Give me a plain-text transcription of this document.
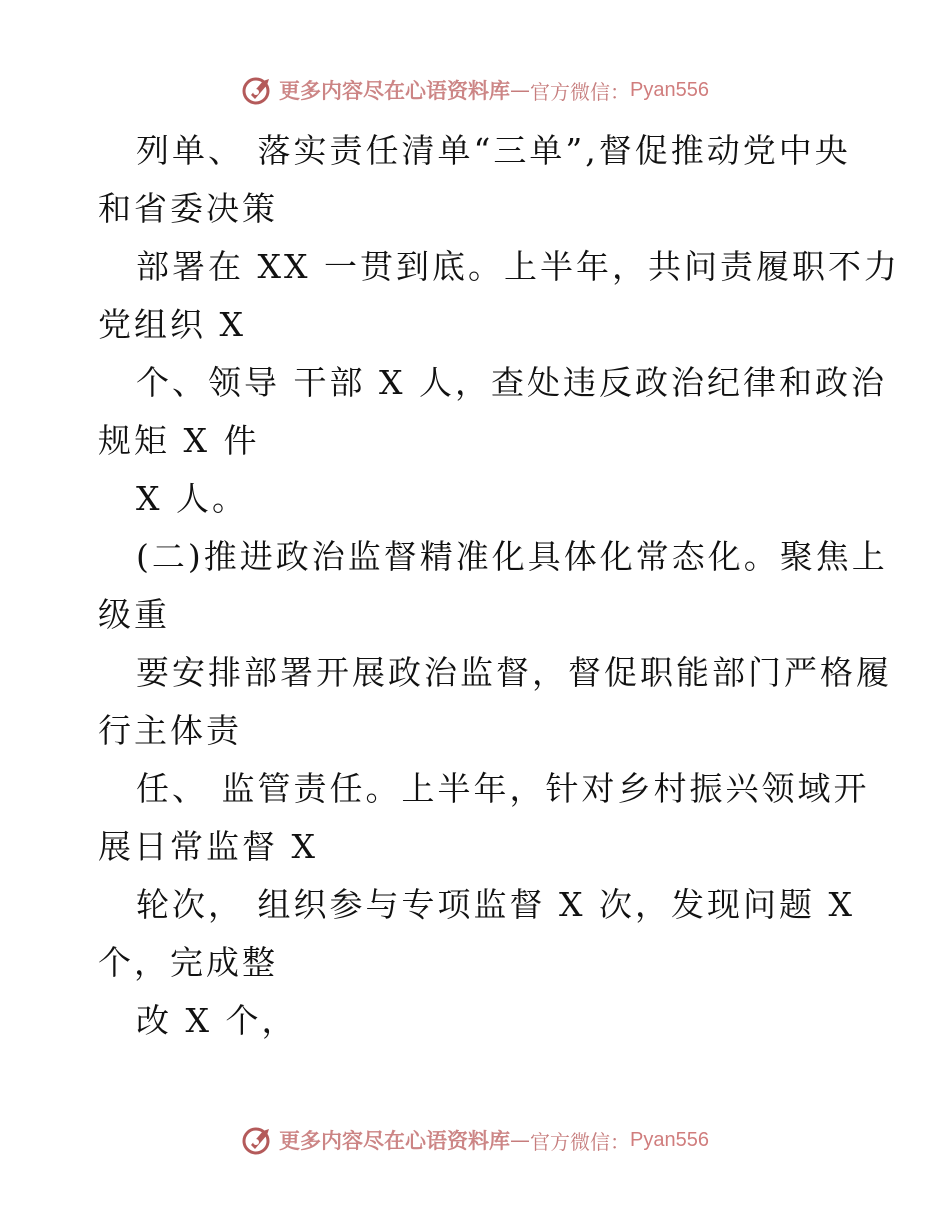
更多内容尽在心语资料库 — 官方微信： Pyan556
列单、 落实责任清单“三单”,督促推动党中央
和省委决策
部署在 XX 一贯到底。上半年，共问责履职不力
党组织 X
个、领导 干部 X 人，查处违反政治纪律和政治
规矩 X 件
X 人。
(二)推进政治监督精准化具体化常态化。聚焦上
级重
要安排部署开展政治监督，督促职能部门严格履
行主体责
任、 监管责任。上半年，针对乡村振兴领域开
展日常监督 X
轮次， 组织参与专项监督 X 次，发现问题 X
个，完成整
改 X 个，
更多内容尽在心语资料库 — 官方微信： Pyan556
